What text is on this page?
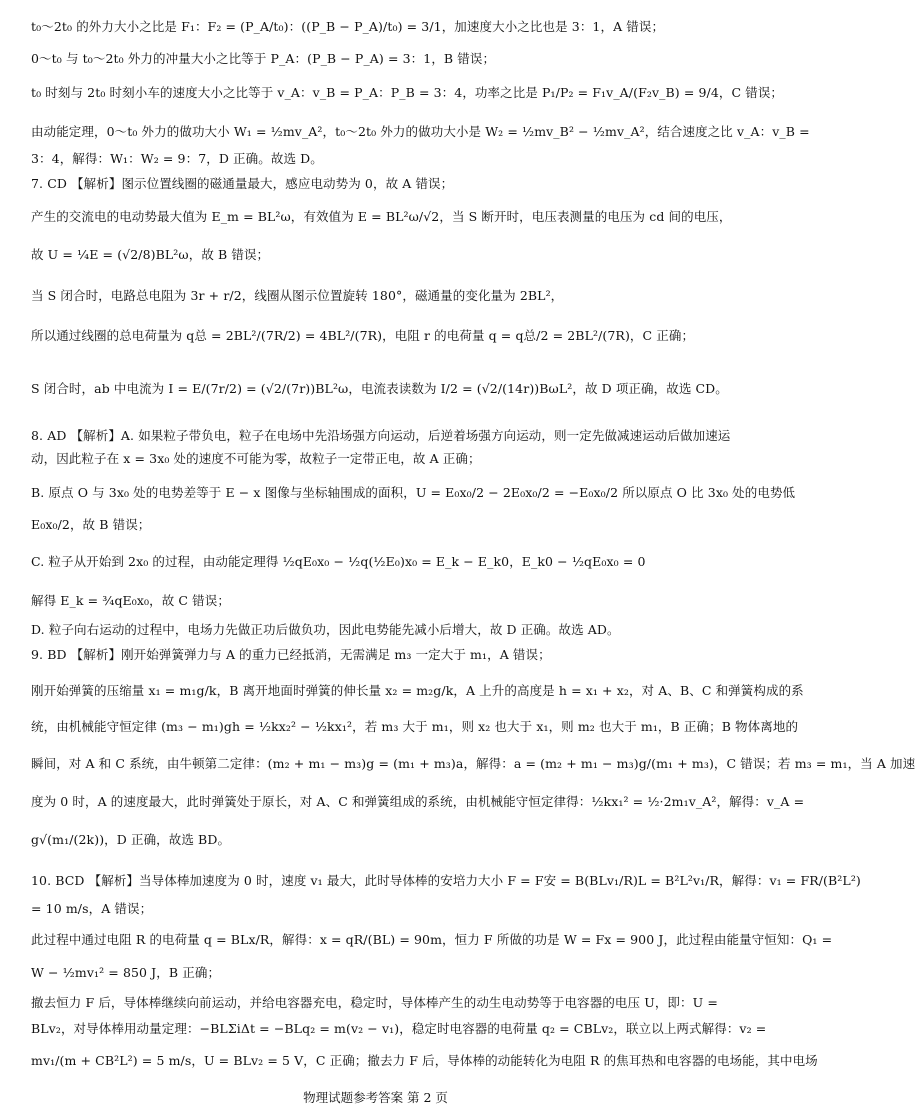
t₀～2t₀ 的外力大小之比是 F₁：F₂ = (P_A/t₀)：((P_B − P_A)/t₀) = 3/1，加速度大小之比也是 3：1，A 错误；
0～t₀ 与 t₀～2t₀ 外力的冲量大小之比等于 P_A：(P_B − P_A) = 3：1，B 错误；
t₀ 时刻与 2t₀ 时刻小车的速度大小之比等于 v_A：v_B = P_A：P_B = 3：4，功率之比是 P₁/P₂ = F₁v_A/(F₂v_B) = 9/4，C 错误；
由动能定理，0～t₀ 外力的做功大小 W₁ = ½mv_A²，t₀～2t₀ 外力的做功大小是 W₂ = ½mv_B² − ½mv_A²，结合速度之比 v_A：v_B =
3：4，解得：W₁：W₂ = 9：7，D 正确。故选 D。
7. CD 【解析】图示位置线圈的磁通量最大，感应电动势为 0，故 A 错误；
产生的交流电的电动势最大值为 E_m = BL²ω，有效值为 E = BL²ω/√2，当 S 断开时，电压表测量的电压为 cd 间的电压，
故 U = ¼E = (√2/8)BL²ω，故 B 错误；
当 S 闭合时，电路总电阻为 3r + r/2，线圈从图示位置旋转 180°，磁通量的变化量为 2BL²，
所以通过线圈的总电荷量为 q总 = 2BL²/(7R/2) = 4BL²/(7R)，电阻 r 的电荷量 q = q总/2 = 2BL²/(7R)，C 正确；
S 闭合时，ab 中电流为 I = E/(7r/2) = (√2/(7r))BL²ω，电流表读数为 I/2 = (√2/(14r))BωL²，故 D 项正确，故选 CD。
8. AD 【解析】A. 如果粒子带负电，粒子在电场中先沿场强方向运动，后逆着场强方向运动，则一定先做减速运动后做加速运
动，因此粒子在 x = 3x₀ 处的速度不可能为零，故粒子一定带正电，故 A 正确；
B. 原点 O 与 3x₀ 处的电势差等于 E − x 图像与坐标轴围成的面积，U = E₀x₀/2 − 2E₀x₀/2 = −E₀x₀/2 所以原点 O 比 3x₀ 处的电势低
E₀x₀/2，故 B 错误；
C. 粒子从开始到 2x₀ 的过程，由动能定理得 ½qE₀x₀ − ½q(½E₀)x₀ = E_k − E_k0，E_k0 − ½qE₀x₀ = 0
解得 E_k = ¾qE₀x₀，故 C 错误；
D. 粒子向右运动的过程中，电场力先做正功后做负功，因此电势能先减小后增大，故 D 正确。故选 AD。
9. BD 【解析】刚开始弹簧弹力与 A 的重力已经抵消，无需满足 m₃ 一定大于 m₁，A 错误；
刚开始弹簧的压缩量 x₁ = m₁g/k，B 离开地面时弹簧的伸长量 x₂ = m₂g/k，A 上升的高度是 h = x₁ + x₂，对 A、B、C 和弹簧构成的系
统，由机械能守恒定律 (m₃ − m₁)gh = ½kx₂² − ½kx₁²，若 m₃ 大于 m₁，则 x₂ 也大于 x₁，则 m₂ 也大于 m₁，B 正确；B 物体离地的
瞬间，对 A 和 C 系统，由牛顿第二定律：(m₂ + m₁ − m₃)g = (m₁ + m₃)a，解得：a = (m₂ + m₁ − m₃)g/(m₁ + m₃)，C 错误；若 m₃ = m₁，当 A 加速
度为 0 时，A 的速度最大，此时弹簧处于原长，对 A、C 和弹簧组成的系统，由机械能守恒定律得：½kx₁² = ½·2m₁v_A²，解得：v_A =
g√(m₁/(2k))，D 正确，故选 BD。
10. BCD 【解析】当导体棒加速度为 0 时，速度 v₁ 最大，此时导体棒的安培力大小 F = F安 = B(BLv₁/R)L = B²L²v₁/R，解得：v₁ = FR/(B²L²)
= 10 m/s，A 错误；
此过程中通过电阻 R 的电荷量 q = BLx/R，解得：x = qR/(BL) = 90m，恒力 F 所做的功是 W = Fx = 900 J，此过程由能量守恒知：Q₁ =
W − ½mv₁² = 850 J，B 正确；
撤去恒力 F 后，导体棒继续向前运动，并给电容器充电，稳定时，导体棒产生的动生电动势等于电容器的电压 U，即：U =
BLv₂，对导体棒用动量定理：−BLΣiΔt = −BLq₂ = m(v₂ − v₁)，稳定时电容器的电荷量 q₂ = CBLv₂，联立以上两式解得：v₂ =
mv₁/(m + CB²L²) = 5 m/s，U = BLv₂ = 5 V，C 正确；撤去力 F 后，导体棒的动能转化为电阻 R 的焦耳热和电容器的电场能，其中电场
物理试题参考答案 第 2 页
